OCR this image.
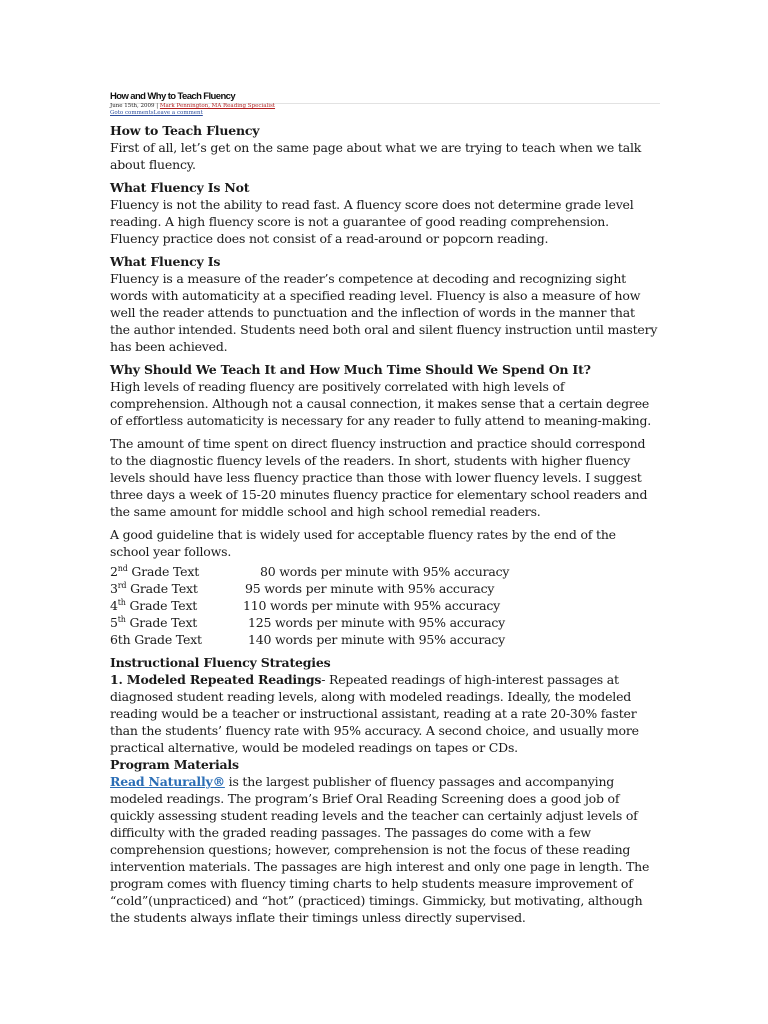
How and Why to Teach Fluency
June 15th, 2009 | Mark Pennington, MA Reading Specialist
Goto commentsLeave a comment
How to Teach Fluency

First of all, let’s get on the same page about what we are trying to teach when we talk about fluency.

What Fluency Is Not

Fluency is not the ability to read fast. A fluency score does not determine grade level reading. A high fluency score is not a guarantee of good reading comprehension. Fluency practice does not consist of a read-around or popcorn reading.

What Fluency Is

Fluency is a measure of the reader’s competence at decoding and recognizing sight words with automaticity at a specified reading level. Fluency is also a measure of how well the reader attends to punctuation and the inflection of words in the manner that the author intended. Students need both oral and silent fluency instruction until mastery has been achieved.

Why Should We Teach It and How Much Time Should We Spend On It?

High levels of reading fluency are positively correlated with high levels of comprehension. Although not a causal connection, it makes sense that a certain degree of effortless automaticity is necessary for any reader to fully attend to meaning-making.

The amount of time spent on direct fluency instruction and practice should correspond to the diagnostic fluency levels of the readers. In short, students with higher fluency levels should have less fluency practice than those with lower fluency levels. I suggest three days a week of 15-20 minutes fluency practice for elementary school readers and the same amount for middle school and high school remedial readers.

A good guideline that is widely used for acceptable fluency rates by the end of the school year follows.

2nd Grade Text	80 words per minute with 95% accuracy
3rd Grade Text	95 words per minute with 95% accuracy
4th Grade Text	110 words per minute with 95% accuracy
5th Grade Text	125 words per minute with 95% accuracy
6th Grade Text	140 words per minute with 95% accuracy
Instructional Fluency Strategies

1. Modeled Repeated Readings- Repeated readings of high-interest passages at diagnosed student reading levels, along with modeled readings. Ideally, the modeled reading would be a teacher or instructional assistant, reading at a rate 20-30% faster than the students’ fluency rate with 95% accuracy. A second choice, and usually more practical alternative, would be modeled readings on tapes or CDs.

Program Materials

Read Naturally® is the largest publisher of fluency passages and accompanying modeled readings. The program’s Brief Oral Reading Screening does a good job of quickly assessing student reading levels and the teacher can certainly adjust levels of difficulty with the graded reading passages. The passages do come with a few comprehension questions; however, comprehension is not the focus of these reading intervention materials. The passages are high interest and only one page in length. The program comes with fluency timing charts to help students measure improvement of “cold”(unpracticed) and “hot” (practiced) timings. Gimmicky, but motivating, although the students always inflate their timings unless directly supervised.
